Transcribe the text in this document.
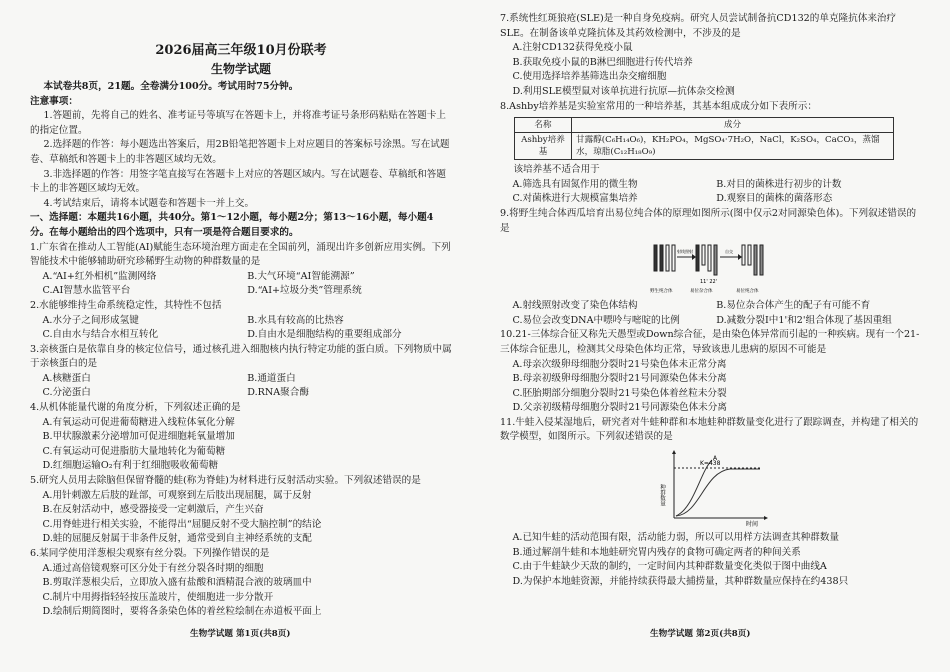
2026届高三年级10月份联考
生物学试题

本试卷共8页，21题。全卷满分100分。考试用时75分钟。

注意事项：

1.答题前，先将自己的姓名、准考证号等填写在答题卡上，并将准考证号条形码粘贴在答题卡上的指定位置。

2.选择题的作答：每小题选出答案后，用2B铅笔把答题卡上对应题目的答案标号涂黑。写在试题卷、草稿纸和答题卡上的非答题区域均无效。

3.非选择题的作答：用签字笔直接写在答题卡上对应的答题区域内。写在试题卷、草稿纸和答题卡上的非答题区域均无效。

4.考试结束后，请将本试题卷和答题卡一并上交。

一、选择题：本题共16小题，共40分。第1～12小题，每小题2分；第13～16小题，每小题4分。在每小题给出的四个选项中，只有一项是符合题目要求的。

1.广东省在推动人工智能(AI)赋能生态环境治理方面走在全国前列，涌现出许多创新应用实例。下列智能技术中能够辅助研究珍稀野生动物的种群数量的是

A.“AI+红外相机”监测网络	B.大气环境“AI智能溯源”
C.AI智慧水监管平台	D.“AI+垃圾分类”管理系统

2.水能够维持生命系统稳定性，其特性不包括

A.水分子之间形成氢键	B.水具有较高的比热容
C.自由水与结合水相互转化	D.自由水是细胞结构的重要组成部分

3.亲核蛋白是依靠自身的核定位信号，通过核孔进入细胞核内执行特定功能的蛋白质。下列物质中属于亲核蛋白的是

A.核糖蛋白	B.通道蛋白
C.分泌蛋白	D.RNA聚合酶

4.从机体能量代谢的角度分析，下列叙述正确的是

A.有氧运动可促进葡萄糖进入线粒体氧化分解
B.甲状腺激素分泌增加可促进细胞耗氧量增加
C.有氧运动可促进脂肪大量地转化为葡萄糖
D.红细胞运输O₂有利于红细胞吸收葡萄糖

5.研究人员用去除脑但保留脊髓的蛙(称为脊蛙)为材料进行反射活动实验。下列叙述错误的是

A.用针刺激左后肢的趾部，可观察到左后肢出现屈腿，属于反射
B.在反射活动中，感受器接受一定刺激后，产生兴奋
C.用脊蛙进行相关实验，不能得出“屈腿反射不受大脑控制”的结论
D.蛙的屈腿反射属于非条件反射，通常受到自主神经系统的支配

6.某同学使用洋葱根尖观察有丝分裂。下列操作错误的是

A.通过高倍镜观察可区分处于有丝分裂各时期的细胞
B.剪取洋葱根尖后，立即放入盛有盐酸和酒精混合液的玻璃皿中
C.制片中用拇指轻轻按压盖玻片，使细胞进一步分散开
D.绘制后期简图时，要将各条染色体的着丝粒绘制在赤道板平面上

7.系统性红斑狼疮(SLE)是一种自身免疫病。研究人员尝试制备抗CD132的单克隆抗体来治疗SLE。在制备该单克隆抗体及其药效检测中，不涉及的是

A.注射CD132获得免疫小鼠
B.获取免疫小鼠的B淋巴细胞进行传代培养
C.使用选择培养基筛选出杂交瘤细胞
D.利用SLE模型鼠对该单抗进行抗原—抗体杂交检测

8.Ashby培养基是实验室常用的一种培养基，其基本组成成分如下表所示：

名称	成分
Ashby培养基	甘露醇(C₆H₁₄O₆)，KH₂PO₄，MgSO₄·7H₂O，NaCl，K₂SO₄，CaCO₃，蒸馏水，琼脂(C₁₂H₁₈O₉)

该培养基不适合用于

A.筛选具有固氮作用的微生物	B.对目的菌株进行初步的计数
C.对菌株进行大规模富集培养	D.观察目的菌株的菌落形态

9.将野生纯合体西瓜培育出易位纯合体的原理如图所示(图中仅示2对同源染色体)。下列叙述错误的是

射线照射	自交
11' 22'
野生纯合体	易位杂合体	易位纯合体
A.射线照射改变了染色体结构	B.易位杂合体产生的配子有可能不育
C.易位会改变DNA中嘌呤与嘧啶的比例	D.减数分裂Ⅰ中1'和2'组合体现了基因重组

10.21-三体综合征又称先天愚型或Down综合征，是由染色体异常而引起的一种疾病。现有一个21-三体综合征患儿，检测其父母染色体均正常，导致该患儿患病的原因不可能是

A.母亲次级卵母细胞分裂时21号染色体未正常分离
B.母亲初级卵母细胞分裂时21号同源染色体未分离
C.胚胎期部分细胞分裂时21号染色体着丝粒未分裂
D.父亲初级精母细胞分裂时21号同源染色体未分离

11.牛蛙入侵某湿地后，研究者对牛蛙种群和本地蛙种群数量变化进行了跟踪调查，并构建了相关的数学模型，如图所示。下列叙述错误的是

K=438
A
种群数量
时间
A.已知牛蛙的活动范围有限，活动能力弱，所以可以用样方法调查其种群数量
B.通过解剖牛蛙和本地蛙研究胃内残存的食物可确定两者的种间关系
C.由于牛蛙缺少天敌的制约，一定时间内其种群数量变化类似于图中曲线A
D.为保护本地蛙资源，并能持续获得最大捕捞量，其种群数量应保持在约438只
生物学试题 第1页(共8页)	生物学试题 第2页(共8页)
